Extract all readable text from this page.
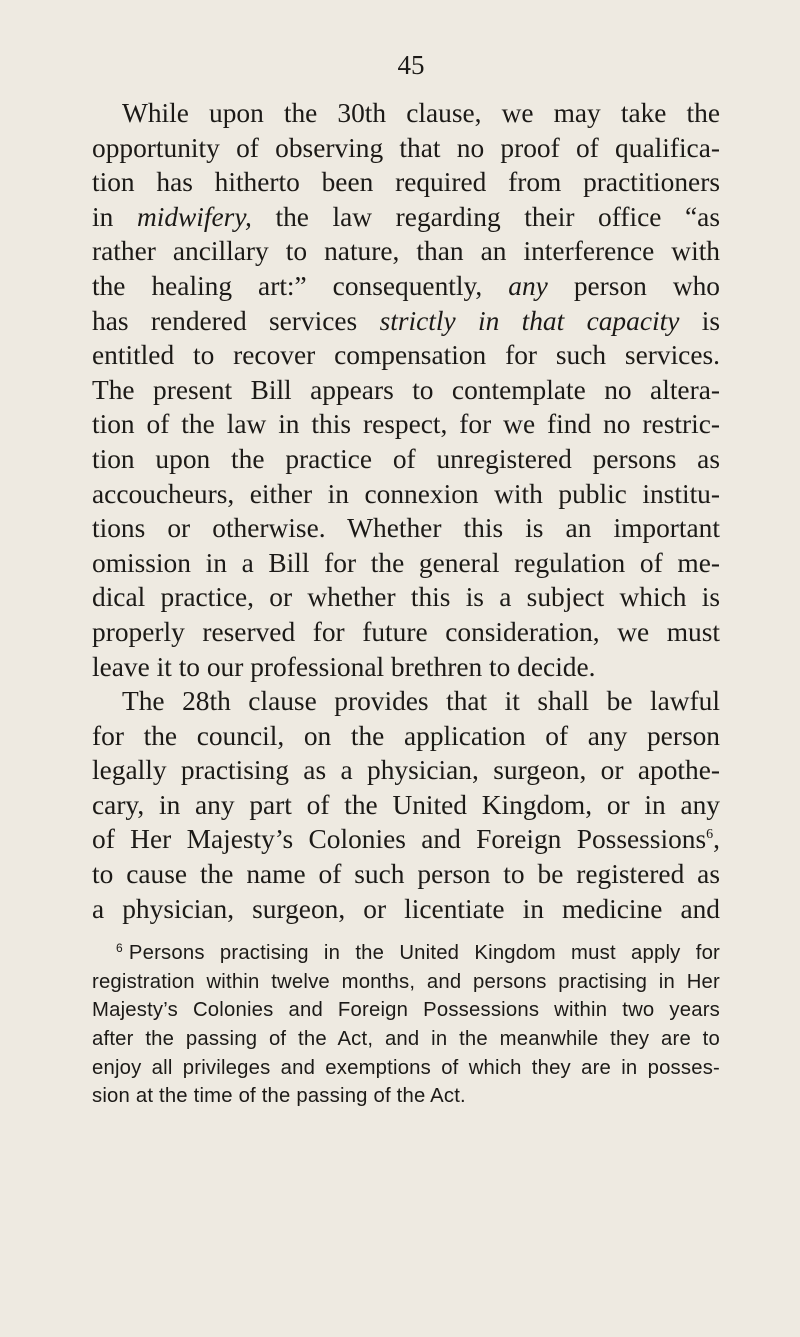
45
While upon the 30th clause, we may take the
opportunity of observing that no proof of qualifica-
tion has hitherto been required from practitioners
in midwifery, the law regarding their office “as
rather ancillary to nature, than an interference with
the healing art:” consequently, any person who
has rendered services strictly in that capacity is
entitled to recover compensation for such services.
The present Bill appears to contemplate no altera-
tion of the law in this respect, for we find no restric-
tion upon the practice of unregistered persons as
accoucheurs, either in connexion with public institu-
tions or otherwise. Whether this is an important
omission in a Bill for the general regulation of me-
dical practice, or whether this is a subject which is
properly reserved for future consideration, we must
leave it to our professional brethren to decide.
The 28th clause provides that it shall be lawful
for the council, on the application of any person
legally practising as a physician, surgeon, or apothe-
cary, in any part of the United Kingdom, or in any
of Her Majesty’s Colonies and Foreign Possessions$^6$,
to cause the name of such person to be registered as
a physician, surgeon, or licentiate in medicine and
$^6$ Persons practising in the United Kingdom must apply for
registration within twelve months, and persons practising in Her
Majesty’s Colonies and Foreign Possessions within two years
after the passing of the Act, and in the meanwhile they are to
enjoy all privileges and exemptions of which they are in posses-
sion at the time of the passing of the Act.
